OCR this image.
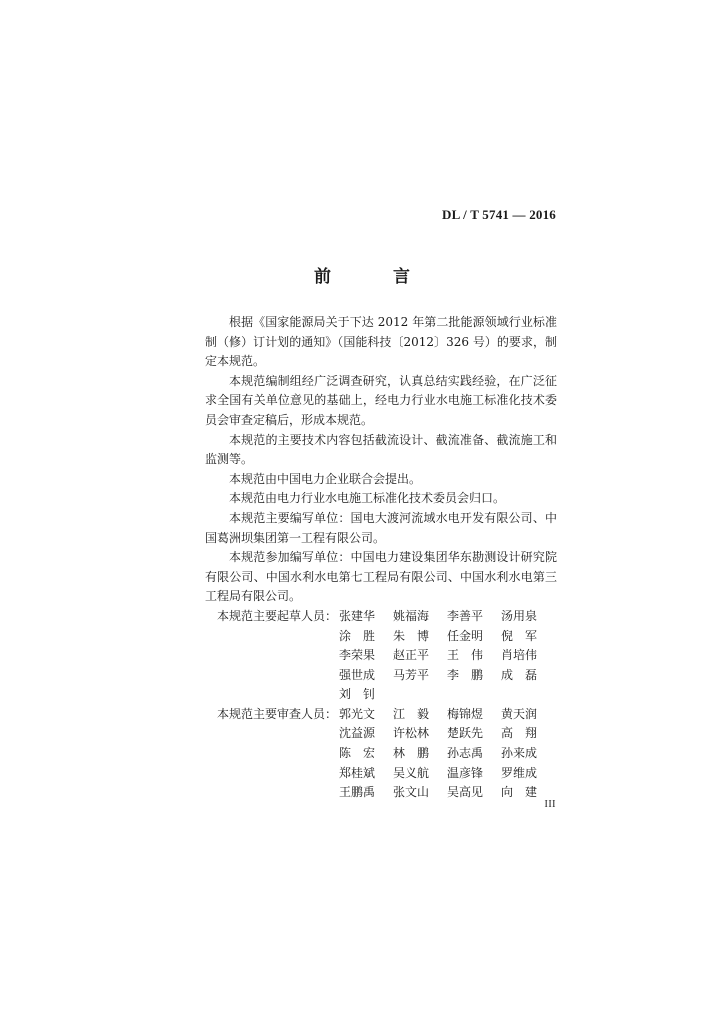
DL / T 5741 — 2016
前 言

根据《国家能源局关于下达 2012 年第二批能源领域行业标准制（修）订计划的通知》（国能科技〔2012〕326 号）的要求，制定本规范。

本规范编制组经广泛调查研究，认真总结实践经验，在广泛征求全国有关单位意见的基础上，经电力行业水电施工标准化技术委员会审查定稿后，形成本规范。

本规范的主要技术内容包括截流设计、截流准备、截流施工和监测等。

本规范由中国电力企业联合会提出。

本规范由电力行业水电施工标准化技术委员会归口。

本规范主要编写单位：国电大渡河流域水电开发有限公司、中国葛洲坝集团第一工程有限公司。

本规范参加编写单位：中国电力建设集团华东勘测设计研究院有限公司、中国水利水电第七工程局有限公司、中国水利水电第三工程局有限公司。

本规范主要起草人员： 张建华	姚福海	李善平	汤用泉
涂　胜	朱　博	任金明	倪　军
李荣果	赵正平	王　伟	肖培伟
强世成	马芳平	李　鹏	成　磊
刘　钊
本规范主要审查人员： 郭光文	江　毅	梅锦煜	黄天润
沈益源	许松林	楚跃先	高　翔
陈　宏	林　鹏	孙志禹	孙来成
郑桂斌	吴义航	温彦锋	罗维成
王鹏禹	张文山	吴高见	向　建
III
